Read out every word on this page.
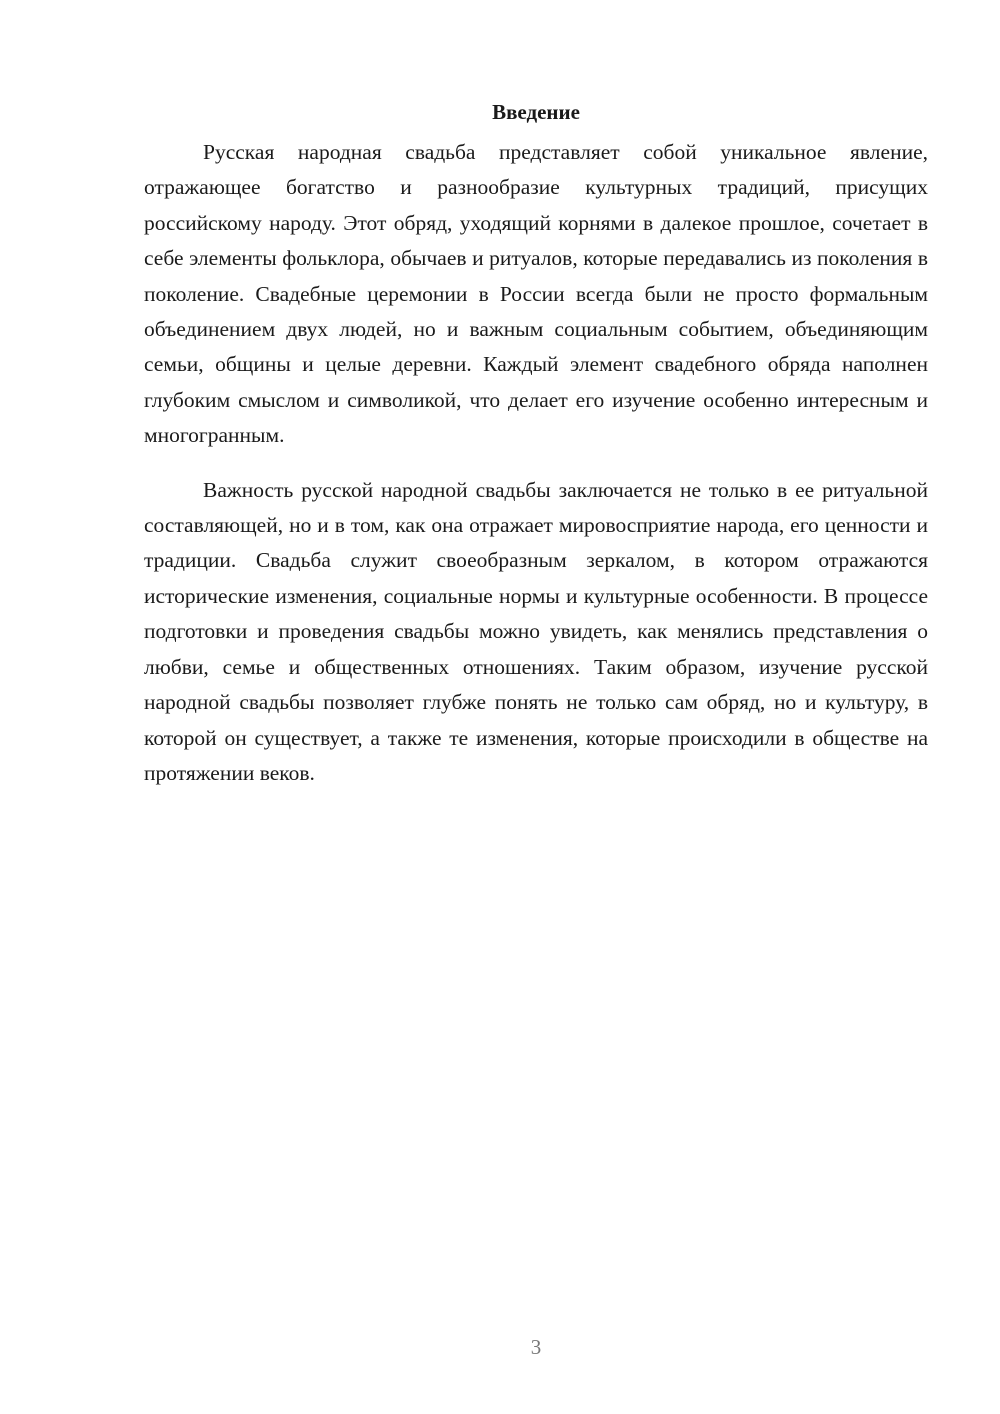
Введение

Русская народная свадьба представляет собой уникальное явление, отражающее богатство и разнообразие культурных традиций, присущих российскому народу. Этот обряд, уходящий корнями в далекое прошлое, сочетает в себе элементы фольклора, обычаев и ритуалов, которые передавались из поколения в поколение. Свадебные церемонии в России всегда были не просто формальным объединением двух людей, но и важным социальным событием, объединяющим семьи, общины и целые деревни. Каждый элемент свадебного обряда наполнен глубоким смыслом и символикой, что делает его изучение особенно интересным и многогранным.

Важность русской народной свадьбы заключается не только в ее ритуальной составляющей, но и в том, как она отражает мировосприятие народа, его ценности и традиции. Свадьба служит своеобразным зеркалом, в котором отражаются исторические изменения, социальные нормы и культурные особенности. В процессе подготовки и проведения свадьбы можно увидеть, как менялись представления о любви, семье и общественных отношениях. Таким образом, изучение русской народной свадьбы позволяет глубже понять не только сам обряд, но и культуру, в которой он существует, а также те изменения, которые происходили в обществе на протяжении веков.

3
